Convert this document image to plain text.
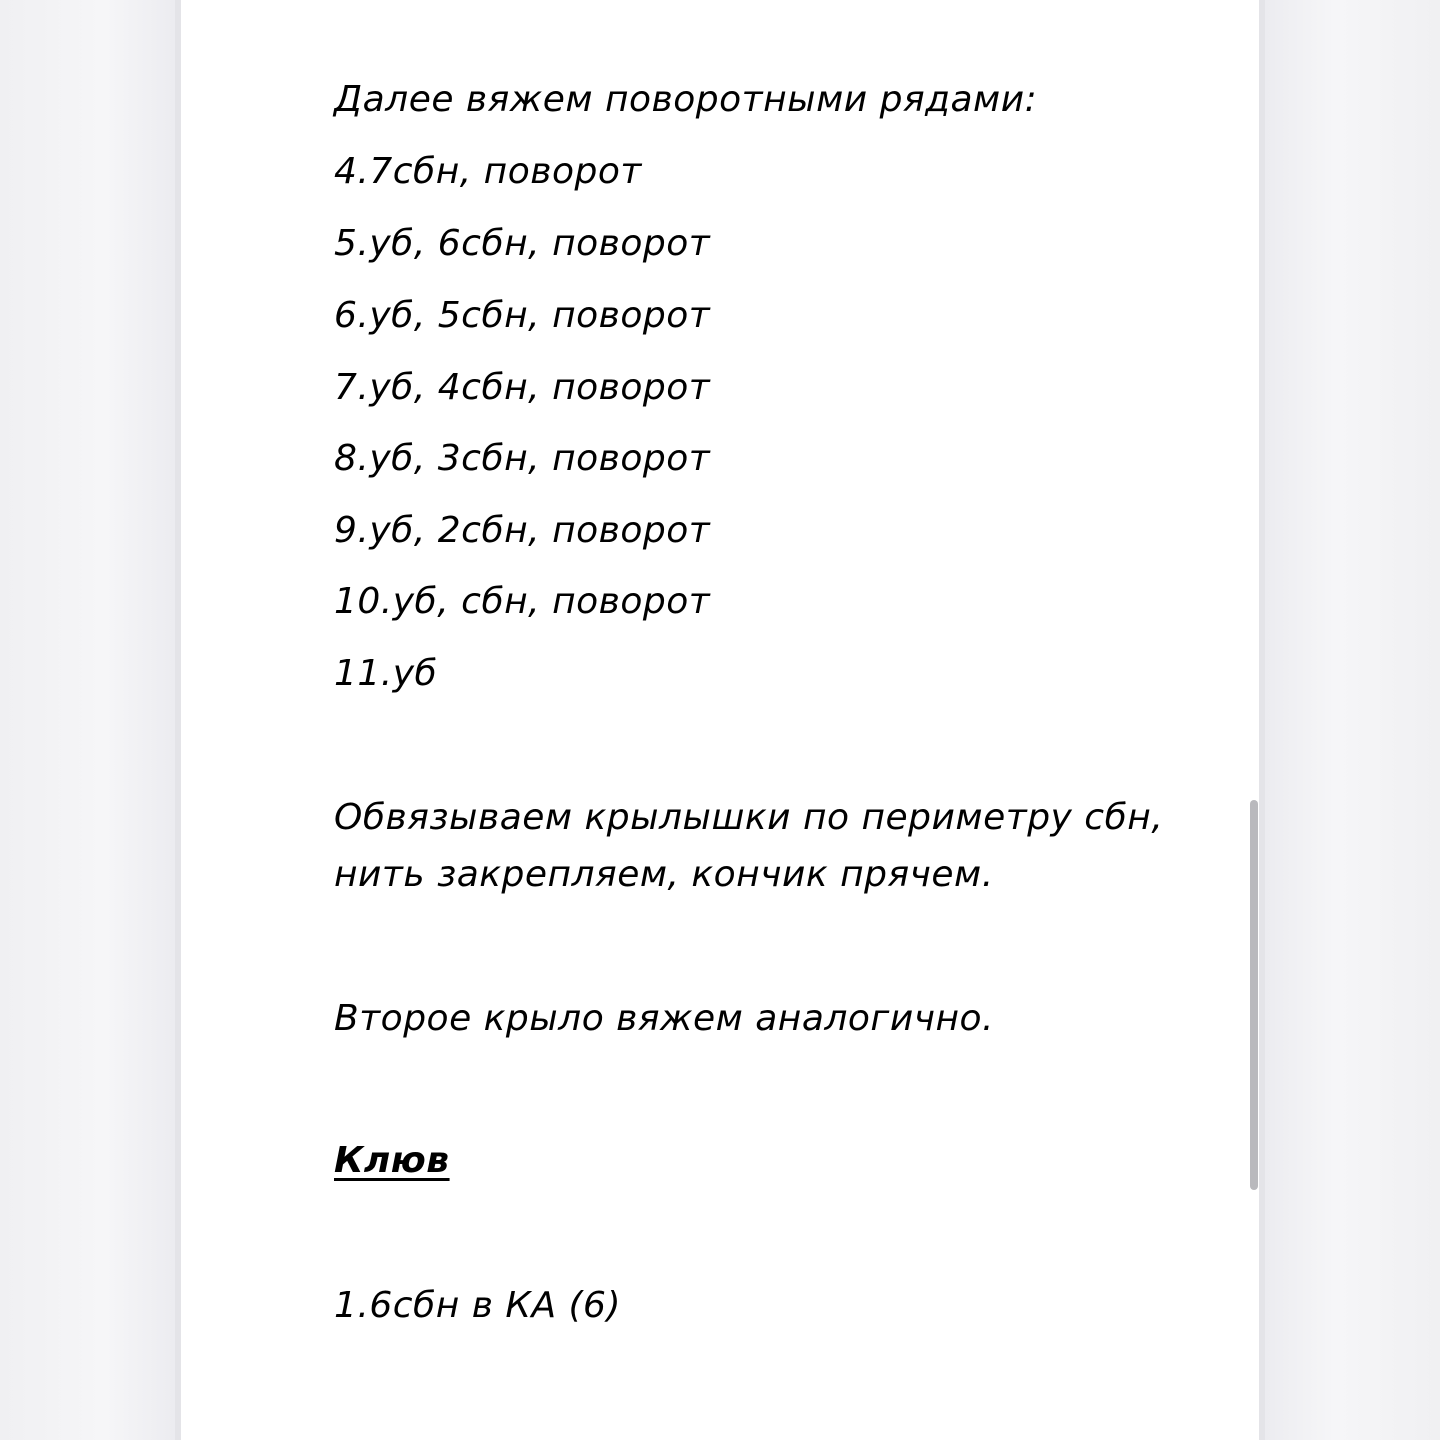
Далее вяжем поворотными рядами:
4.7сбн, поворот
5.уб, 6сбн, поворот
6.уб, 5сбн, поворот
7.уб, 4сбн, поворот
8.уб, 3сбн, поворот
9.уб, 2сбн, поворот
10.уб, сбн, поворот
11.уб
Обвязываем крылышки по периметру сбн,
нить закрепляем, кончик прячем.
Второе крыло вяжем аналогично.
Клюв
1.6сбн в КА (6)
